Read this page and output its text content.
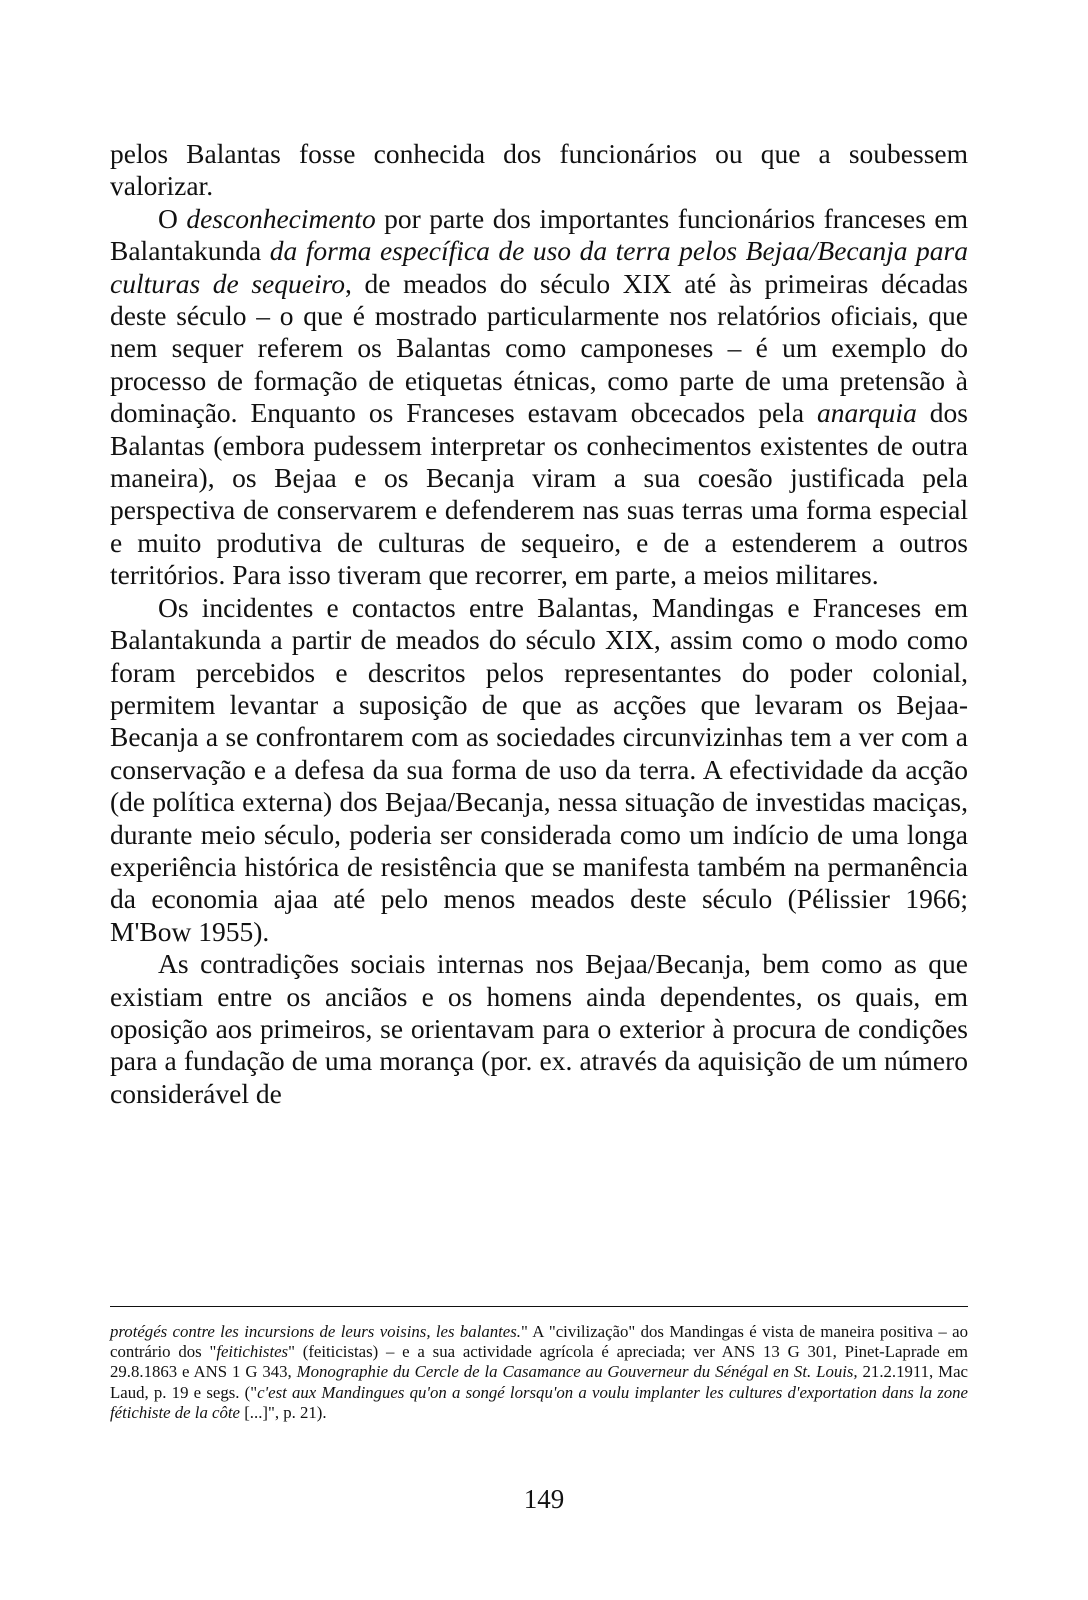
pelos Balantas fosse conhecida dos funcionários ou que a soubessem valorizar.

O desconhecimento por parte dos importantes funcionários franceses em Balantakunda da forma específica de uso da terra pelos Bejaa/Becanja para culturas de sequeiro, de meados do século XIX até às primeiras décadas deste século – o que é mostrado particularmente nos relatórios oficiais, que nem sequer referem os Balantas como camponeses – é um exemplo do processo de formação de etiquetas étnicas, como parte de uma pretensão à dominação. Enquanto os Franceses estavam obcecados pela anarquia dos Balantas (embora pudessem interpretar os conhecimentos existentes de outra maneira), os Bejaa e os Becanja viram a sua coesão justificada pela perspectiva de conservarem e defenderem nas suas terras uma forma especial e muito produtiva de culturas de sequeiro, e de a estenderem a outros territórios. Para isso tiveram que recorrer, em parte, a meios militares.

Os incidentes e contactos entre Balantas, Mandingas e Franceses em Balantakunda a partir de meados do século XIX, assim como o modo como foram percebidos e descritos pelos representantes do poder colonial, permitem levantar a suposição de que as acções que levaram os Bejaa-Becanja a se confrontarem com as sociedades circunvizinhas tem a ver com a conservação e a defesa da sua forma de uso da terra. A efectividade da acção (de política externa) dos Bejaa/Becanja, nessa situação de investidas maciças, durante meio século, poderia ser considerada como um indício de uma longa experiência histórica de resistência que se manifesta também na permanência da economia ajaa até pelo menos meados deste século (Pélissier 1966; M'Bow 1955).

As contradições sociais internas nos Bejaa/Becanja, bem como as que existiam entre os anciãos e os homens ainda dependentes, os quais, em oposição aos primeiros, se orientavam para o exterior à procura de condições para a fundação de uma morança (por. ex. através da aquisição de um número considerável de

protégés contre les incursions de leurs voisins, les balantes." A "civilização" dos Mandingas é vista de maneira positiva – ao contrário dos "feitichistes" (feiticistas) – e a sua actividade agrícola é apreciada; ver ANS 13 G 301, Pinet-Laprade em 29.8.1863 e ANS 1 G 343, Monographie du Cercle de la Casamance au Gouverneur du Sénégal en St. Louis, 21.2.1911, Mac Laud, p. 19 e segs. ("c'est aux Mandingues qu'on a songé lorsqu'on a voulu implanter les cultures d'exportation dans la zone fétichiste de la côte [...]", p. 21).

149
